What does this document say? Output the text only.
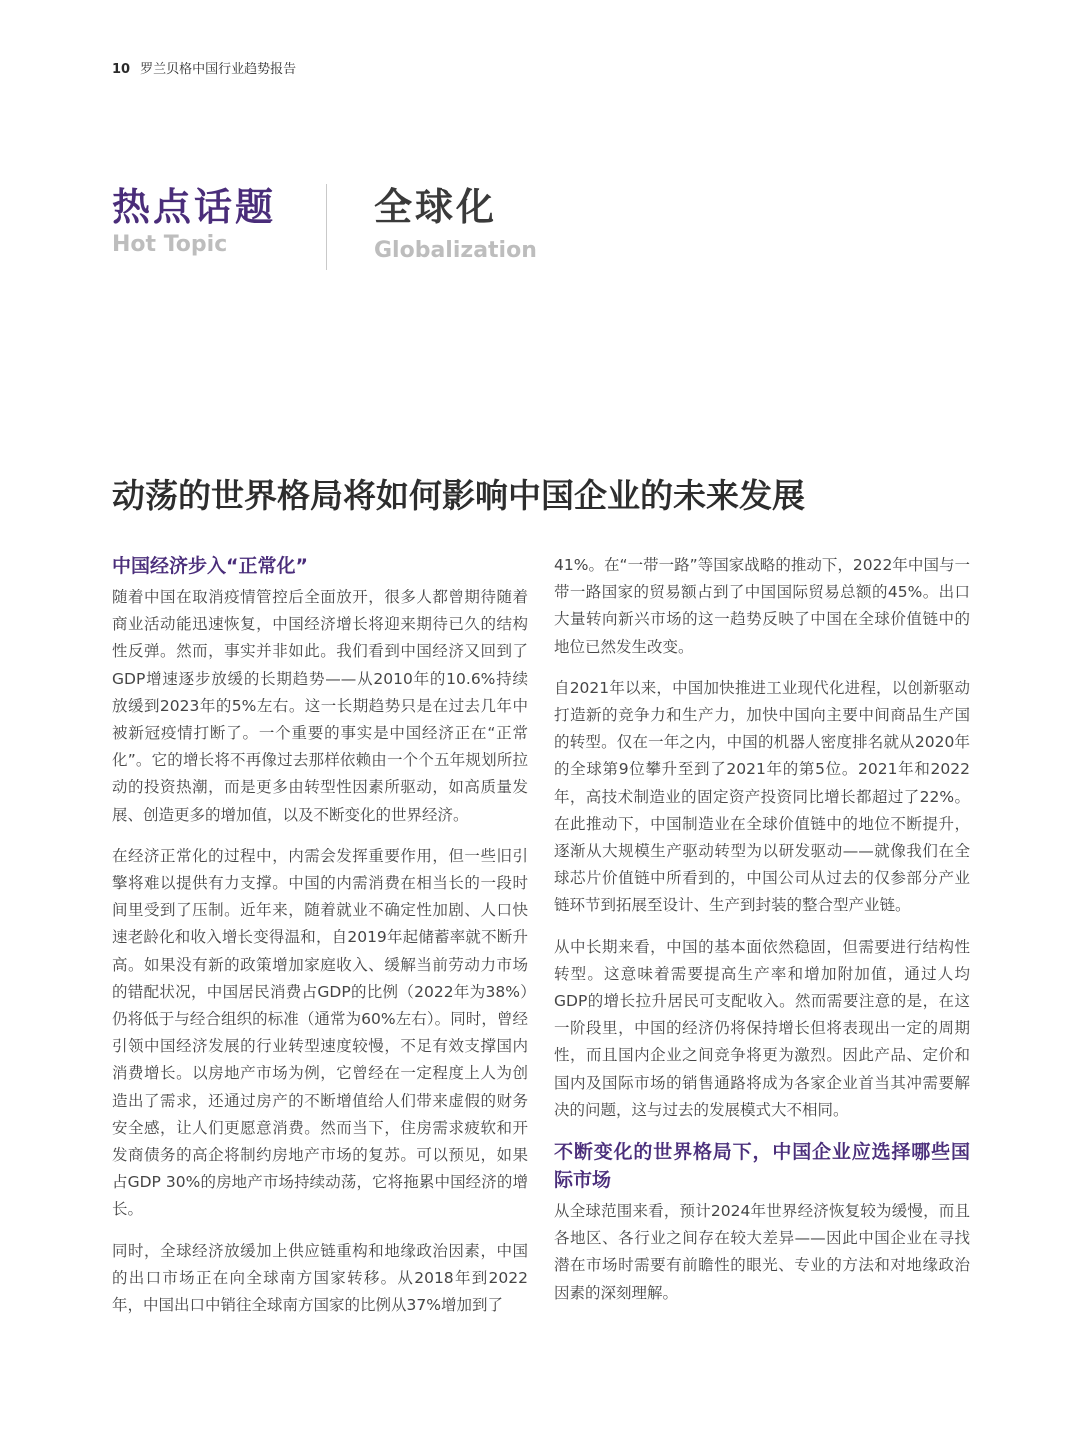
10 罗兰贝格中国行业趋势报告
热点话题
Hot Topic
全球化
Globalization
动荡的世界格局将如何影响中国企业的未来发展
中国经济步入“正常化”

随着中国在取消疫情管控后全面放开，很多人都曾期待随着商业活动能迅速恢复，中国经济增长将迎来期待已久的结构性反弹。然而，事实并非如此。我们看到中国经济又回到了GDP增速逐步放缓的长期趋势——从2010年的10.6%持续放缓到2023年的5%左右。这一长期趋势只是在过去几年中被新冠疫情打断了。一个重要的事实是中国经济正在“正常化”。它的增长将不再像过去那样依赖由一个个五年规划所拉动的投资热潮，而是更多由转型性因素所驱动，如高质量发展、创造更多的增加值，以及不断变化的世界经济。

在经济正常化的过程中，内需会发挥重要作用，但一些旧引擎将难以提供有力支撑。中国的内需消费在相当长的一段时间里受到了压制。近年来，随着就业不确定性加剧、人口快速老龄化和收入增长变得温和，自2019年起储蓄率就不断升高。如果没有新的政策增加家庭收入、缓解当前劳动力市场的错配状况，中国居民消费占GDP的比例（2022年为38%）仍将低于与经合组织的标准（通常为60%左右）。同时，曾经引领中国经济发展的行业转型速度较慢，不足有效支撑国内消费增长。以房地产市场为例，它曾经在一定程度上人为创造出了需求，还通过房产的不断增值给人们带来虚假的财务安全感，让人们更愿意消费。然而当下，住房需求疲软和开发商债务的高企将制约房地产市场的复苏。可以预见，如果占GDP 30%的房地产市场持续动荡，它将拖累中国经济的增长。

同时，全球经济放缓加上供应链重构和地缘政治因素，中国的出口市场正在向全球南方国家转移。从2018年到2022年，中国出口中销往全球南方国家的比例从37%增加到了

41%。在“一带一路”等国家战略的推动下，2022年中国与一带一路国家的贸易额占到了中国国际贸易总额的45%。出口大量转向新兴市场的这一趋势反映了中国在全球价值链中的地位已然发生改变。

自2021年以来，中国加快推进工业现代化进程，以创新驱动打造新的竞争力和生产力，加快中国向主要中间商品生产国的转型。仅在一年之内，中国的机器人密度排名就从2020年的全球第9位攀升至到了2021年的第5位。2021年和2022年，高技术制造业的固定资产投资同比增长都超过了22%。在此推动下，中国制造业在全球价值链中的地位不断提升，逐渐从大规模生产驱动转型为以研发驱动——就像我们在全球芯片价值链中所看到的，中国公司从过去的仅参部分产业链环节到拓展至设计、生产到封装的整合型产业链。

从中长期来看，中国的基本面依然稳固，但需要进行结构性转型。这意味着需要提高生产率和增加附加值，通过人均GDP的增长拉升居民可支配收入。然而需要注意的是，在这一阶段里，中国的经济仍将保持增长但将表现出一定的周期性，而且国内企业之间竞争将更为激烈。因此产品、定价和国内及国际市场的销售通路将成为各家企业首当其冲需要解决的问题，这与过去的发展模式大不相同。

不断变化的世界格局下，中国企业应选择哪些国际市场

从全球范围来看，预计2024年世界经济恢复较为缓慢，而且各地区、各行业之间存在较大差异——因此中国企业在寻找潜在市场时需要有前瞻性的眼光、专业的方法和对地缘政治因素的深刻理解。
